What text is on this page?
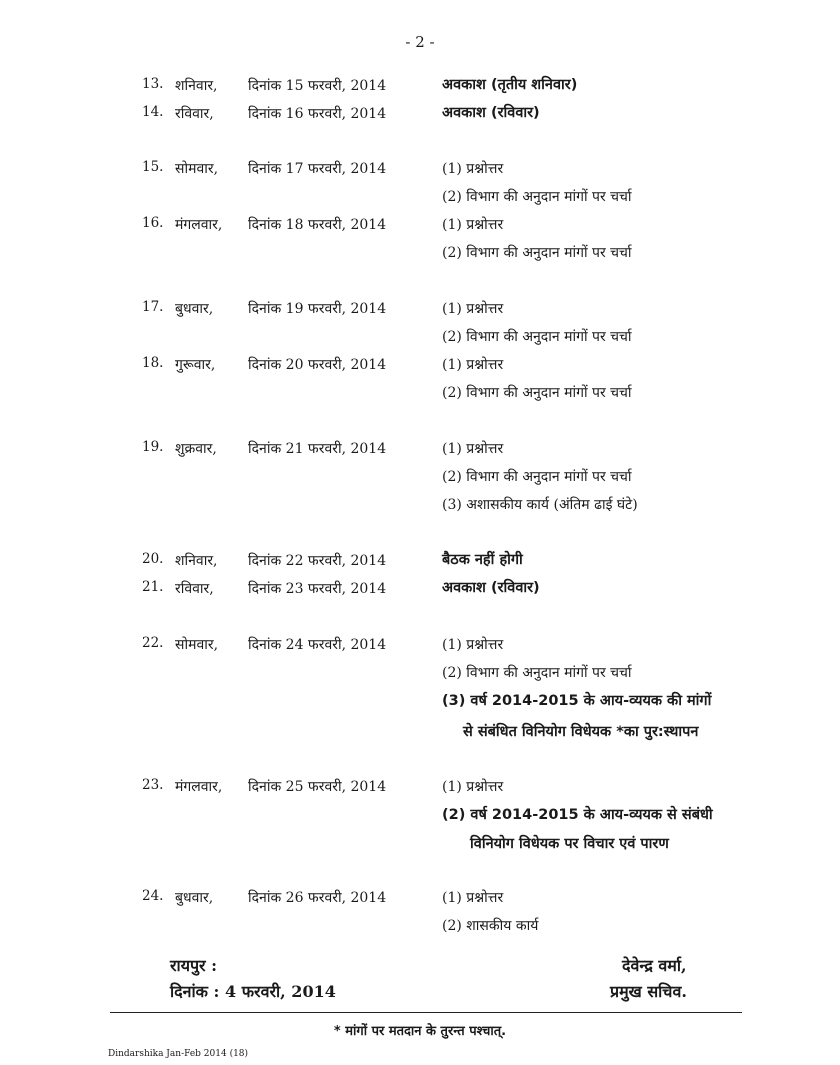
- 2 -
13. शनिवार, दिनांक 15 फरवरी, 2014	अवकाश (तृतीय शनिवार)
14. रविवार, दिनांक 16 फरवरी, 2014	अवकाश (रविवार)
15. सोमवार, दिनांक 17 फरवरी, 2014	(1) प्रश्नोत्तर
(2) विभाग की अनुदान मांगों पर चर्चा
16. मंगलवार, दिनांक 18 फरवरी, 2014	(1) प्रश्नोत्तर
(2) विभाग की अनुदान मांगों पर चर्चा
17. बुधवार, दिनांक 19 फरवरी, 2014	(1) प्रश्नोत्तर
(2) विभाग की अनुदान मांगों पर चर्चा
18. गुरूवार, दिनांक 20 फरवरी, 2014	(1) प्रश्नोत्तर
(2) विभाग की अनुदान मांगों पर चर्चा
19. शुक्रवार, दिनांक 21 फरवरी, 2014	(1) प्रश्नोत्तर
(2) विभाग की अनुदान मांगों पर चर्चा
(3) अशासकीय कार्य (अंतिम ढाई घंटे)
20. शनिवार, दिनांक 22 फरवरी, 2014	बैठक नहीं होगी
21. रविवार, दिनांक 23 फरवरी, 2014	अवकाश (रविवार)
22. सोमवार, दिनांक 24 फरवरी, 2014	(1) प्रश्नोत्तर
(2) विभाग की अनुदान मांगों पर चर्चा
(3) वर्ष 2014-2015 के आय-व्ययक की मांगों
से संबंधित विनियोग विधेयक *का पुर:स्थापन
23. मंगलवार, दिनांक 25 फरवरी, 2014	(1) प्रश्नोत्तर
(2) वर्ष 2014-2015 के आय-व्ययक से संबंधी
विनियोग विधेयक पर विचार एवं पारण
24. बुधवार, दिनांक 26 फरवरी, 2014	(1) प्रश्नोत्तर
(2) शासकीय कार्य
रायपुर :
दिनांक : 4 फरवरी, 2014
देवेन्द्र वर्मा,
प्रमुख सचिव.
* मांगों पर मतदान के तुरन्त पश्चात्.
Dindarshika Jan-Feb 2014 (18)
